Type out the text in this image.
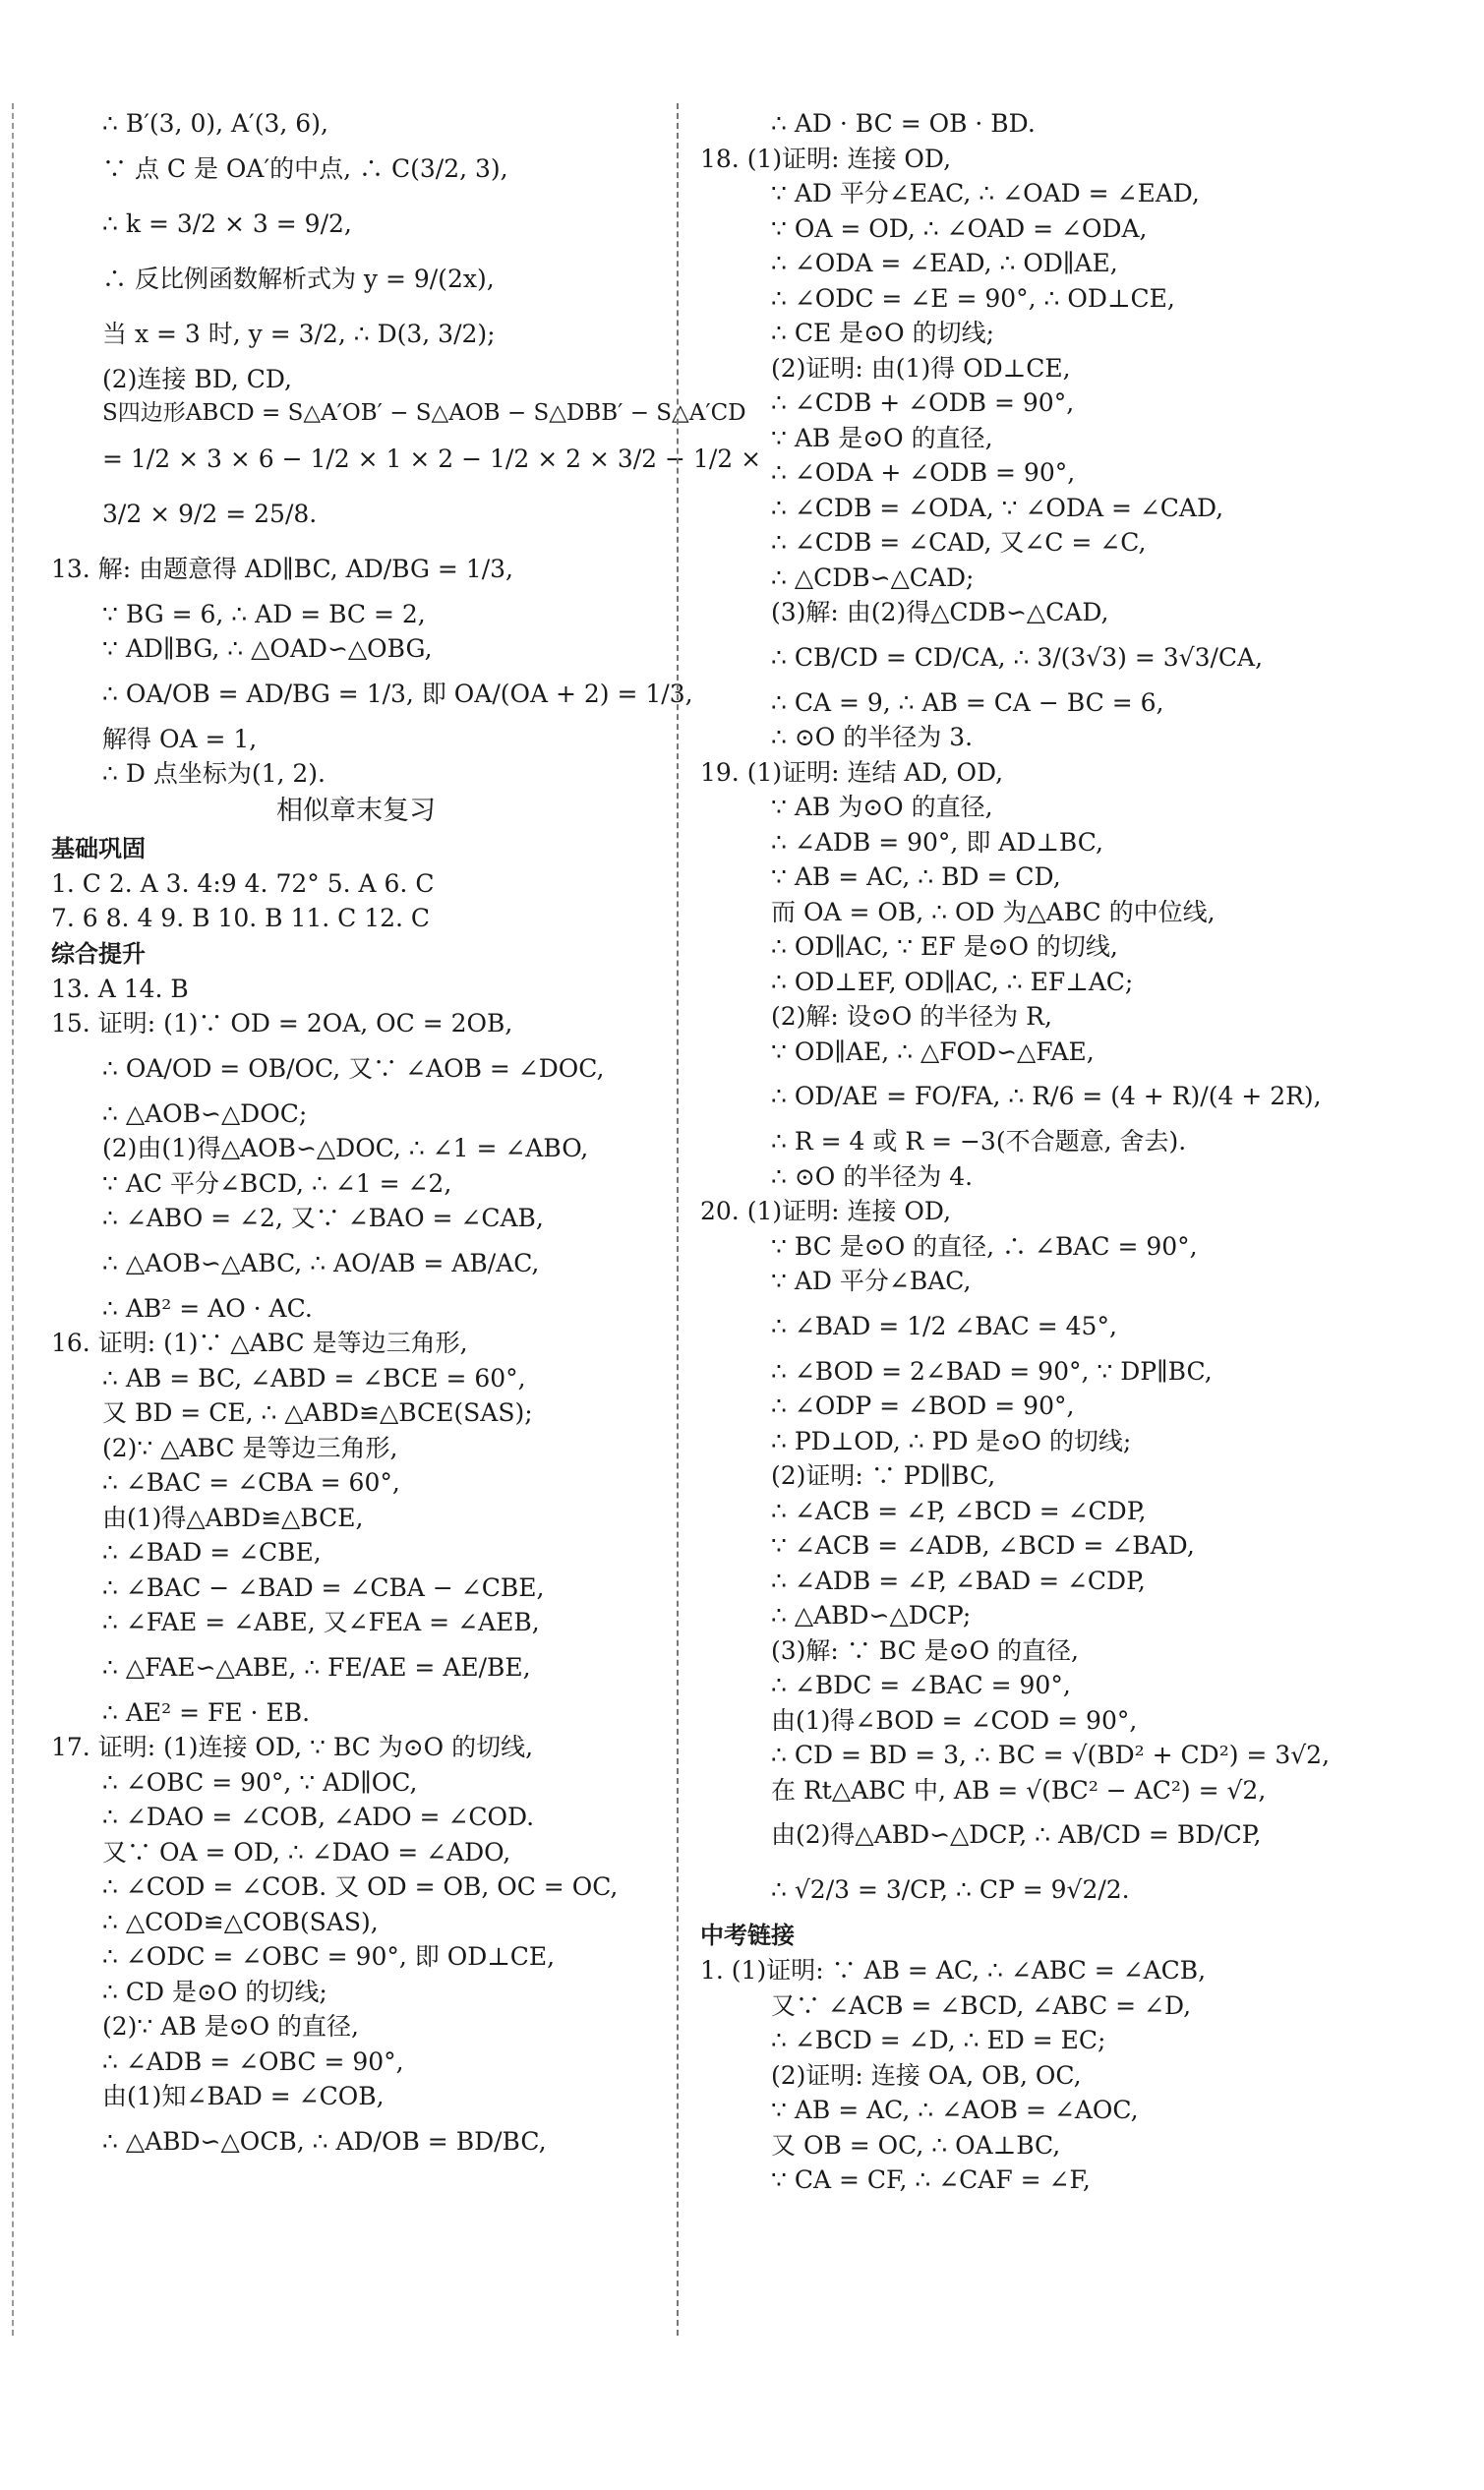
∴ B′(3, 0), A′(3, 6),
∵ 点 C 是 OA′的中点, ∴ C(3/2, 3),
∴ k = 3/2 × 3 = 9/2,
∴ 反比例函数解析式为 y = 9/(2x),
当 x = 3 时, y = 3/2, ∴ D(3, 3/2);
(2)连接 BD, CD,
S四边形ABCD = S△A′OB′ − S△AOB − S△DBB′ − S△A′CD
= 1/2 × 3 × 6 − 1/2 × 1 × 2 − 1/2 × 2 × 3/2 − 1/2 ×
3/2 × 9/2 = 25/8.
13. 解: 由题意得 AD∥BC, AD/BG = 1/3,
∵ BG = 6, ∴ AD = BC = 2,
∵ AD∥BG, ∴ △OAD∽△OBG,
∴ OA/OB = AD/BG = 1/3, 即 OA/(OA + 2) = 1/3,
解得 OA = 1,
∴ D 点坐标为(1, 2).
相似章末复习
基础巩固
1. C 2. A 3. 4:9 4. 72° 5. A 6. C
7. 6 8. 4 9. B 10. B 11. C 12. C
综合提升
13. A 14. B
15. 证明: (1)∵ OD = 2OA, OC = 2OB,
∴ OA/OD = OB/OC, 又∵ ∠AOB = ∠DOC,
∴ △AOB∽△DOC;
(2)由(1)得△AOB∽△DOC, ∴ ∠1 = ∠ABO,
∵ AC 平分∠BCD, ∴ ∠1 = ∠2,
∴ ∠ABO = ∠2, 又∵ ∠BAO = ∠CAB,
∴ △AOB∽△ABC, ∴ AO/AB = AB/AC,
∴ AB² = AO · AC.
16. 证明: (1)∵ △ABC 是等边三角形,
∴ AB = BC, ∠ABD = ∠BCE = 60°,
又 BD = CE, ∴ △ABD≌△BCE(SAS);
(2)∵ △ABC 是等边三角形,
∴ ∠BAC = ∠CBA = 60°,
由(1)得△ABD≌△BCE,
∴ ∠BAD = ∠CBE,
∴ ∠BAC − ∠BAD = ∠CBA − ∠CBE,
∴ ∠FAE = ∠ABE, 又∠FEA = ∠AEB,
∴ △FAE∽△ABE, ∴ FE/AE = AE/BE,
∴ AE² = FE · EB.
17. 证明: (1)连接 OD, ∵ BC 为⊙O 的切线,
∴ ∠OBC = 90°, ∵ AD∥OC,
∴ ∠DAO = ∠COB, ∠ADO = ∠COD.
又∵ OA = OD, ∴ ∠DAO = ∠ADO,
∴ ∠COD = ∠COB. 又 OD = OB, OC = OC,
∴ △COD≌△COB(SAS),
∴ ∠ODC = ∠OBC = 90°, 即 OD⊥CE,
∴ CD 是⊙O 的切线;
(2)∵ AB 是⊙O 的直径,
∴ ∠ADB = ∠OBC = 90°,
由(1)知∠BAD = ∠COB,
∴ △ABD∽△OCB, ∴ AD/OB = BD/BC,
∴ AD · BC = OB · BD.
18. (1)证明: 连接 OD,
∵ AD 平分∠EAC, ∴ ∠OAD = ∠EAD,
∵ OA = OD, ∴ ∠OAD = ∠ODA,
∴ ∠ODA = ∠EAD, ∴ OD∥AE,
∴ ∠ODC = ∠E = 90°, ∴ OD⊥CE,
∴ CE 是⊙O 的切线;
(2)证明: 由(1)得 OD⊥CE,
∴ ∠CDB + ∠ODB = 90°,
∵ AB 是⊙O 的直径,
∴ ∠ODA + ∠ODB = 90°,
∴ ∠CDB = ∠ODA, ∵ ∠ODA = ∠CAD,
∴ ∠CDB = ∠CAD, 又∠C = ∠C,
∴ △CDB∽△CAD;
(3)解: 由(2)得△CDB∽△CAD,
∴ CB/CD = CD/CA, ∴ 3/(3√3) = 3√3/CA,
∴ CA = 9, ∴ AB = CA − BC = 6,
∴ ⊙O 的半径为 3.
19. (1)证明: 连结 AD, OD,
∵ AB 为⊙O 的直径,
∴ ∠ADB = 90°, 即 AD⊥BC,
∵ AB = AC, ∴ BD = CD,
而 OA = OB, ∴ OD 为△ABC 的中位线,
∴ OD∥AC, ∵ EF 是⊙O 的切线,
∴ OD⊥EF, OD∥AC, ∴ EF⊥AC;
(2)解: 设⊙O 的半径为 R,
∵ OD∥AE, ∴ △FOD∽△FAE,
∴ OD/AE = FO/FA, ∴ R/6 = (4 + R)/(4 + 2R),
∴ R = 4 或 R = −3(不合题意, 舍去).
∴ ⊙O 的半径为 4.
20. (1)证明: 连接 OD,
∵ BC 是⊙O 的直径, ∴ ∠BAC = 90°,
∵ AD 平分∠BAC,
∴ ∠BAD = 1/2 ∠BAC = 45°,
∴ ∠BOD = 2∠BAD = 90°, ∵ DP∥BC,
∴ ∠ODP = ∠BOD = 90°,
∴ PD⊥OD, ∴ PD 是⊙O 的切线;
(2)证明: ∵ PD∥BC,
∴ ∠ACB = ∠P, ∠BCD = ∠CDP,
∵ ∠ACB = ∠ADB, ∠BCD = ∠BAD,
∴ ∠ADB = ∠P, ∠BAD = ∠CDP,
∴ △ABD∽△DCP;
(3)解: ∵ BC 是⊙O 的直径,
∴ ∠BDC = ∠BAC = 90°,
由(1)得∠BOD = ∠COD = 90°,
∴ CD = BD = 3, ∴ BC = √(BD² + CD²) = 3√2,
在 Rt△ABC 中, AB = √(BC² − AC²) = √2,
由(2)得△ABD∽△DCP, ∴ AB/CD = BD/CP,
∴ √2/3 = 3/CP, ∴ CP = 9√2/2.
中考链接
1. (1)证明: ∵ AB = AC, ∴ ∠ABC = ∠ACB,
又∵ ∠ACB = ∠BCD, ∠ABC = ∠D,
∴ ∠BCD = ∠D, ∴ ED = EC;
(2)证明: 连接 OA, OB, OC,
∵ AB = AC, ∴ ∠AOB = ∠AOC,
又 OB = OC, ∴ OA⊥BC,
∵ CA = CF, ∴ ∠CAF = ∠F,
